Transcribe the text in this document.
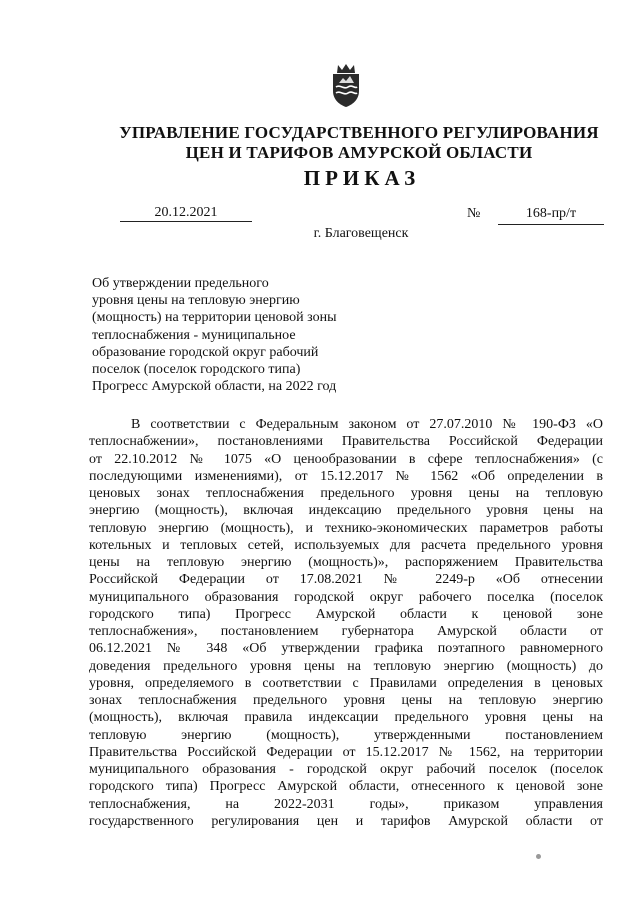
УПРАВЛЕНИЕ ГОСУДАРСТВЕННОГО РЕГУЛИРОВАНИЯ
ЦЕН И ТАРИФОВ АМУРСКОЙ ОБЛАСТИ
ПРИКАЗ
20.12.2021	№	168-пр/т
г. Благовещенск
Об утверждении предельного
уровня цены на тепловую энергию
(мощность) на территории ценовой зоны
теплоснабжения - муниципальное
образование городской округ рабочий
поселок (поселок городского типа)
Прогресс Амурской области, на 2022 год
В соответствии с Федеральным законом от 27.07.2010 № 190-ФЗ «О
теплоснабжении», постановлениями Правительства Российской Федерации
от 22.10.2012 № 1075 «О ценообразовании в сфере теплоснабжения» (с
последующими изменениями), от 15.12.2017 № 1562 «Об определении в
ценовых зонах теплоснабжения предельного уровня цены на тепловую
энергию (мощность), включая индексацию предельного уровня цены на
тепловую энергию (мощность), и технико-экономических параметров работы
котельных и тепловых сетей, используемых для расчета предельного уровня
цены на тепловую энергию (мощность)», распоряжением Правительства
Российской Федерации от 17.08.2021 № 2249-р «Об отнесении
муниципального образования городской округ рабочего поселка (поселок
городского типа) Прогресс Амурской области к ценовой зоне
теплоснабжения», постановлением губернатора Амурской области от
06.12.2021 № 348 «Об утверждении графика поэтапного равномерного
доведения предельного уровня цены на тепловую энергию (мощность) до
уровня, определяемого в соответствии с Правилами определения в ценовых
зонах теплоснабжения предельного уровня цены на тепловую энергию
(мощность), включая правила индексации предельного уровня цены на
тепловую энергию (мощность), утвержденными постановлением
Правительства Российской Федерации от 15.12.2017 № 1562, на территории
муниципального образования - городской округ рабочий поселок (поселок
городского типа) Прогресс Амурской области, отнесенного к ценовой зоне
теплоснабжения, на 2022-2031 годы», приказом управления
государственного регулирования цен и тарифов Амурской области от
